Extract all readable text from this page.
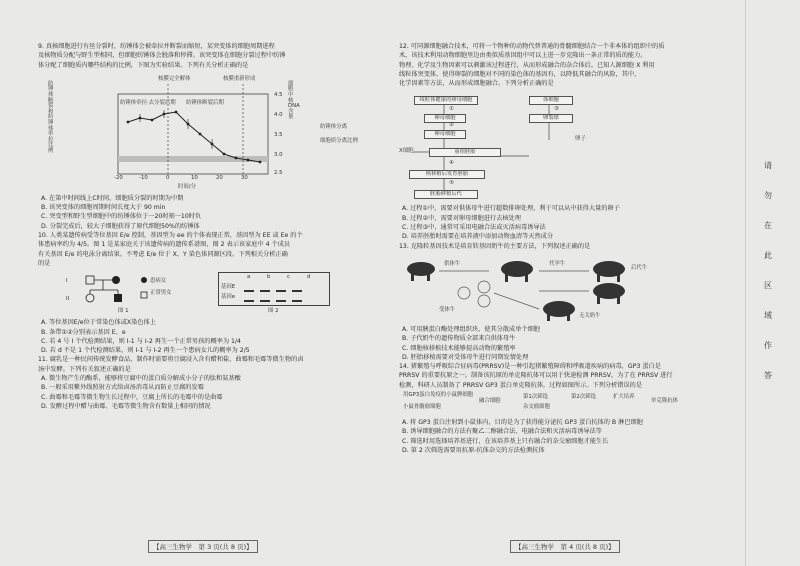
9. 真核细胞进行有丝分裂时，纺锤体会被牵拉并断裂而缩短，某突变体的细胞周期进程

及核物质分配与野生型相同，但细胞纺锤体会脱落和停滞。该突变体在细胞分裂过程中纺锤

体分配了细胞质内哪些结构的比例，下图为实验结果。下列有关分析正确的是

纺锤体断裂和纺锤体牵拉比例
细胞中核DNA含量
核膜完全解体	核膜重新形成
纺锤体牵拉·去分裂后期 纺锤体断裂后期
纺锤体分离
细胞质分离比例
-20	-10	0	10	20	30
4.5
4.0
3.5
3.0
2.5
时间/分

A. 在第中时间线上C时间，细胞质分裂的时期为中期

B. 该突变体的细胞周期时间长度大于 90 min

C. 突变型和野生型细胞中的纺锤体位于一20时刻一10时负

D. 分裂完成后，较大子细胞获得了原代细胞50%的纺锤体

10. 人类某遗传病受等位基因 E/e 控制，基因型为 ee 的个体表现正常，基因型为 EE 或 Ee 的个

体患病率约为 4/5。图 1 是某家庭关于该遗传病的遗传系谱图，图 2 表示该家庭中 4 个成员

有关基因 E/e 的电泳分离结果。不考虑 E/e 位于 X、Y 染色体同源区段。下列相关分析正确

的是

I
II
患病女
正常男女
图 1
a	b	c	d
基因E
基因e
图 2

A. 等位基因E/e位于常染色体或X染色体上

B. 条带①②分别表示基因 E、e

C. 若 4 号 I 个代检测结果，则 I-1 与 I-2 再生一个正常男孩的概率为 1/4

D. 若 d 不是 1 个代检测结果，则 I-1 与 I-2 再生一个患病女儿的概率为 2/5

11. 腐乳是一种民间传统发酵食品，制作时需要将豆腐浸入含有醋和盐、曲霉和毛霉等微生物的卤

汤中发酵。下列有关叙述正确的是

A. 微生物产生的酶系，能够将豆腐中的蛋白质分解成小分子的肽和氨基酸

B. 一般采用紫外线照射方式给卤汤消毒从而防止豆腐的发霉

C. 曲霉和毛霉等微生物生长过程中，豆腐上所长的毛霉中的是曲霉

D. 发酵过程中醋与曲霉、毛霉等微生物含有数量上相同的情况

12. 可同源细胞融合技术，可将一个物种的动物代替普通的骨髓细胞结合一个非本体的组织中的质

术，该技术利用动物细胞里边由类似质基因组中可以上进一步克隆出一条正常的质的能力。

物理、化学及生物因素可以刺激该过程进行，从而形成融合的杂合体后。已知人源细胞 X 利用

线粒体突变体，使得卵裂的细胞对不同的染色体的基因有，以降低其融合的风险，其中，

化学因素等方法，从而形成细胞融合。下列分析正确的是

线粒体健康的卵母细胞
卵母细胞
卵母细胞
体细胞
重组胚胎
卵裂球
核移植后发育胚胎
胚胎移植后代
X细胞
卵子
①
②
③
④
⑤

A. 过程①中，需要对供体母牛进行超数排卵处理，利于可以从中获得大量的卵子

B. 过程②中，需要对卵母细胞进行去核处理

C. 过程③中，通常可采用电融合法或灭活病毒诱导法

D. 培养胚胎时需要在培养液中添加动物血清等天然成分

13. 克隆转基因技术是培育转基因奶牛的主要方法，下列叙述正确的是

供体牛	代孕牛
后代牛
受体牛
无关奶牛

A. 可用胰蛋白酶处理组织块，使其分散成单个细胞

B. 子代奶牛的遗传物质全部来自供体母牛

C. 细胞核移植技术能够提高动物的繁殖率

D. 胚胎移植需要对受体母牛进行同期发情处理

14. 猪繁殖与呼吸综合征病毒(PRRSV)是一种引起猪繁殖障碍和呼吸道疾病的病毒，GP3 蛋白是

PRRSV 的重要抗原之一。制备该抗原的单克隆抗体可以用于快速检测 PRRSV，为了在 PRRSV 进行

检测，科研人员制备了 PRRSV GP3 蛋白单克隆抗体，过程如图所示。下列分析错误的是

用GP3蛋白免疫的小鼠脾细胞
小鼠骨髓瘤细胞
融合细胞
第1次筛选
杂交瘤细胞
第2次筛选	扩大培养
单克隆抗体

A. 将 GP3 蛋白注射到小鼠体内，目的是为了获得能分泌抗 GP3 蛋白抗体的 B 淋巴细胞

B. 诱导细胞融合的方法有聚乙二醇融合法、电融合法和灭活病毒诱导法等

C. 筛选时用选择培养基进行，在该培养基上只有融合的杂交瘤细胞才能生长

D. 第 2 次筛选需要用抗原-抗体杂交的方法检测抗体

【高三生物学　第 3 页(共 8 页)】	【高三生物学　第 4 页(共 8 页)】
请
勿
在
此
区
域
作
答
